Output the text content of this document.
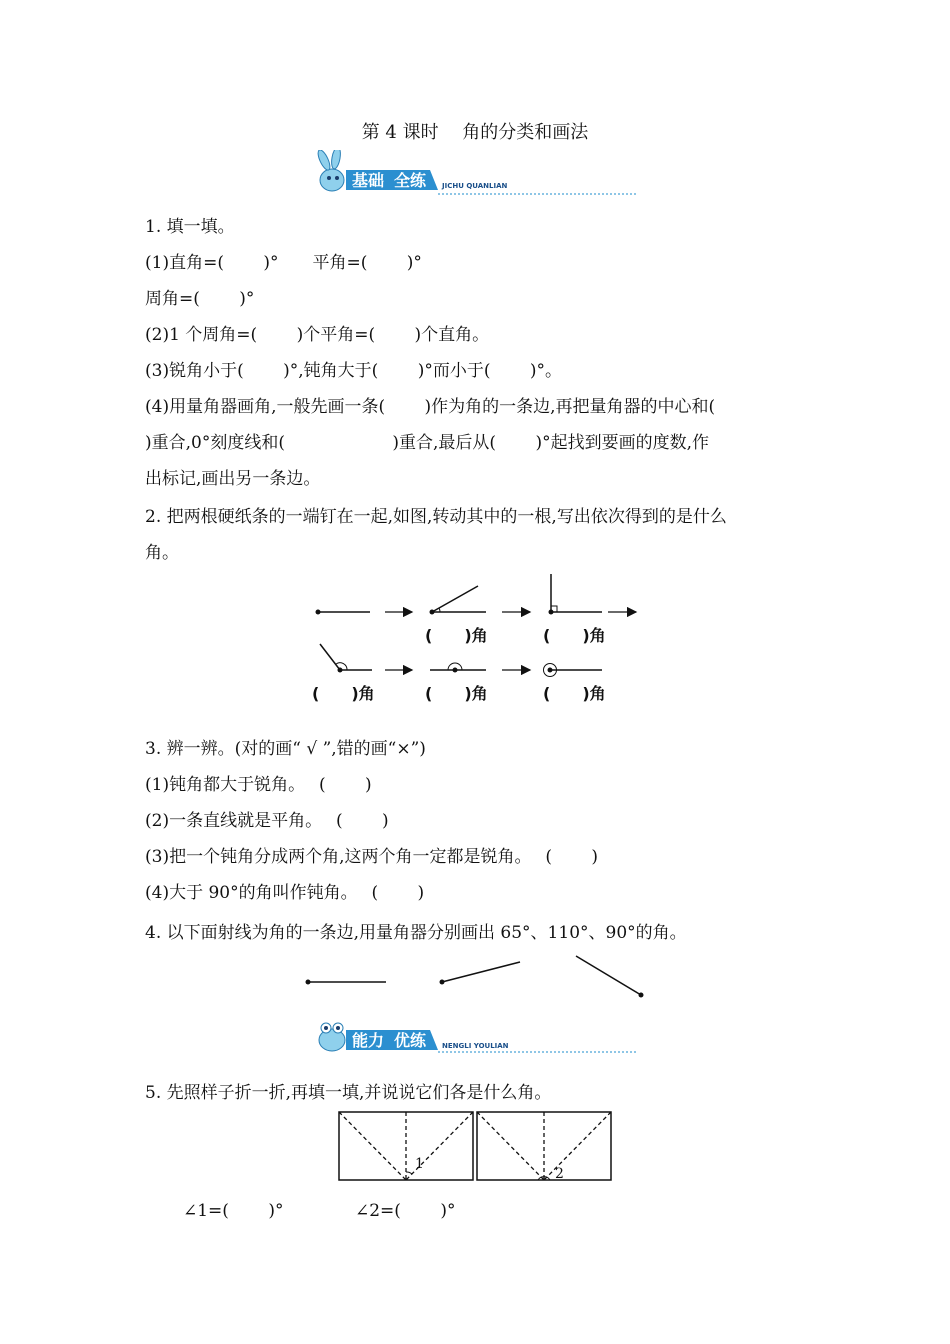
第 4 课时　 角的分类和画法
基础 全练 JICHU QUANLIAN
1. 填一填。
(1)直角=(　　 )°　　平角=(　　 )°
周角=(　　 )°
(2)1 个周角=(　　 )个平角=(　　 )个直角。
(3)锐角小于(　　 )°,钝角大于(　　 )°而小于(　　 )°。
(4)用量角器画角,一般先画一条(　　 )作为角的一条边,再把量角器的中心和(
)重合,0°刻度线和(　　　　　　 )重合,最后从(　　 )°起找到要画的度数,作
出标记,画出另一条边。
2. 把两根硬纸条的一端钉在一起,如图,转动其中的一根,写出依次得到的是什么
角。
(　　)角	(　　)角
(　　)角	(　　)角	(　　)角
3. 辨一辨。(对的画“ √ ”,错的画“×”)
(1)钝角都大于锐角。　 (　　 )
(2)一条直线就是平角。　 (　　 )
(3)把一个钝角分成两个角,这两个角一定都是锐角。　 (　　 )
(4)大于 90°的角叫作钝角。　 (　　 )
4. 以下面射线为角的一条边,用量角器分别画出 65°、110°、90°的角。
能力 优练 NENGLI YOULIAN
5. 先照样子折一折,再填一填,并说说它们各是什么角。
1
2
∠1=(　　 )°	∠2=(　　 )°
